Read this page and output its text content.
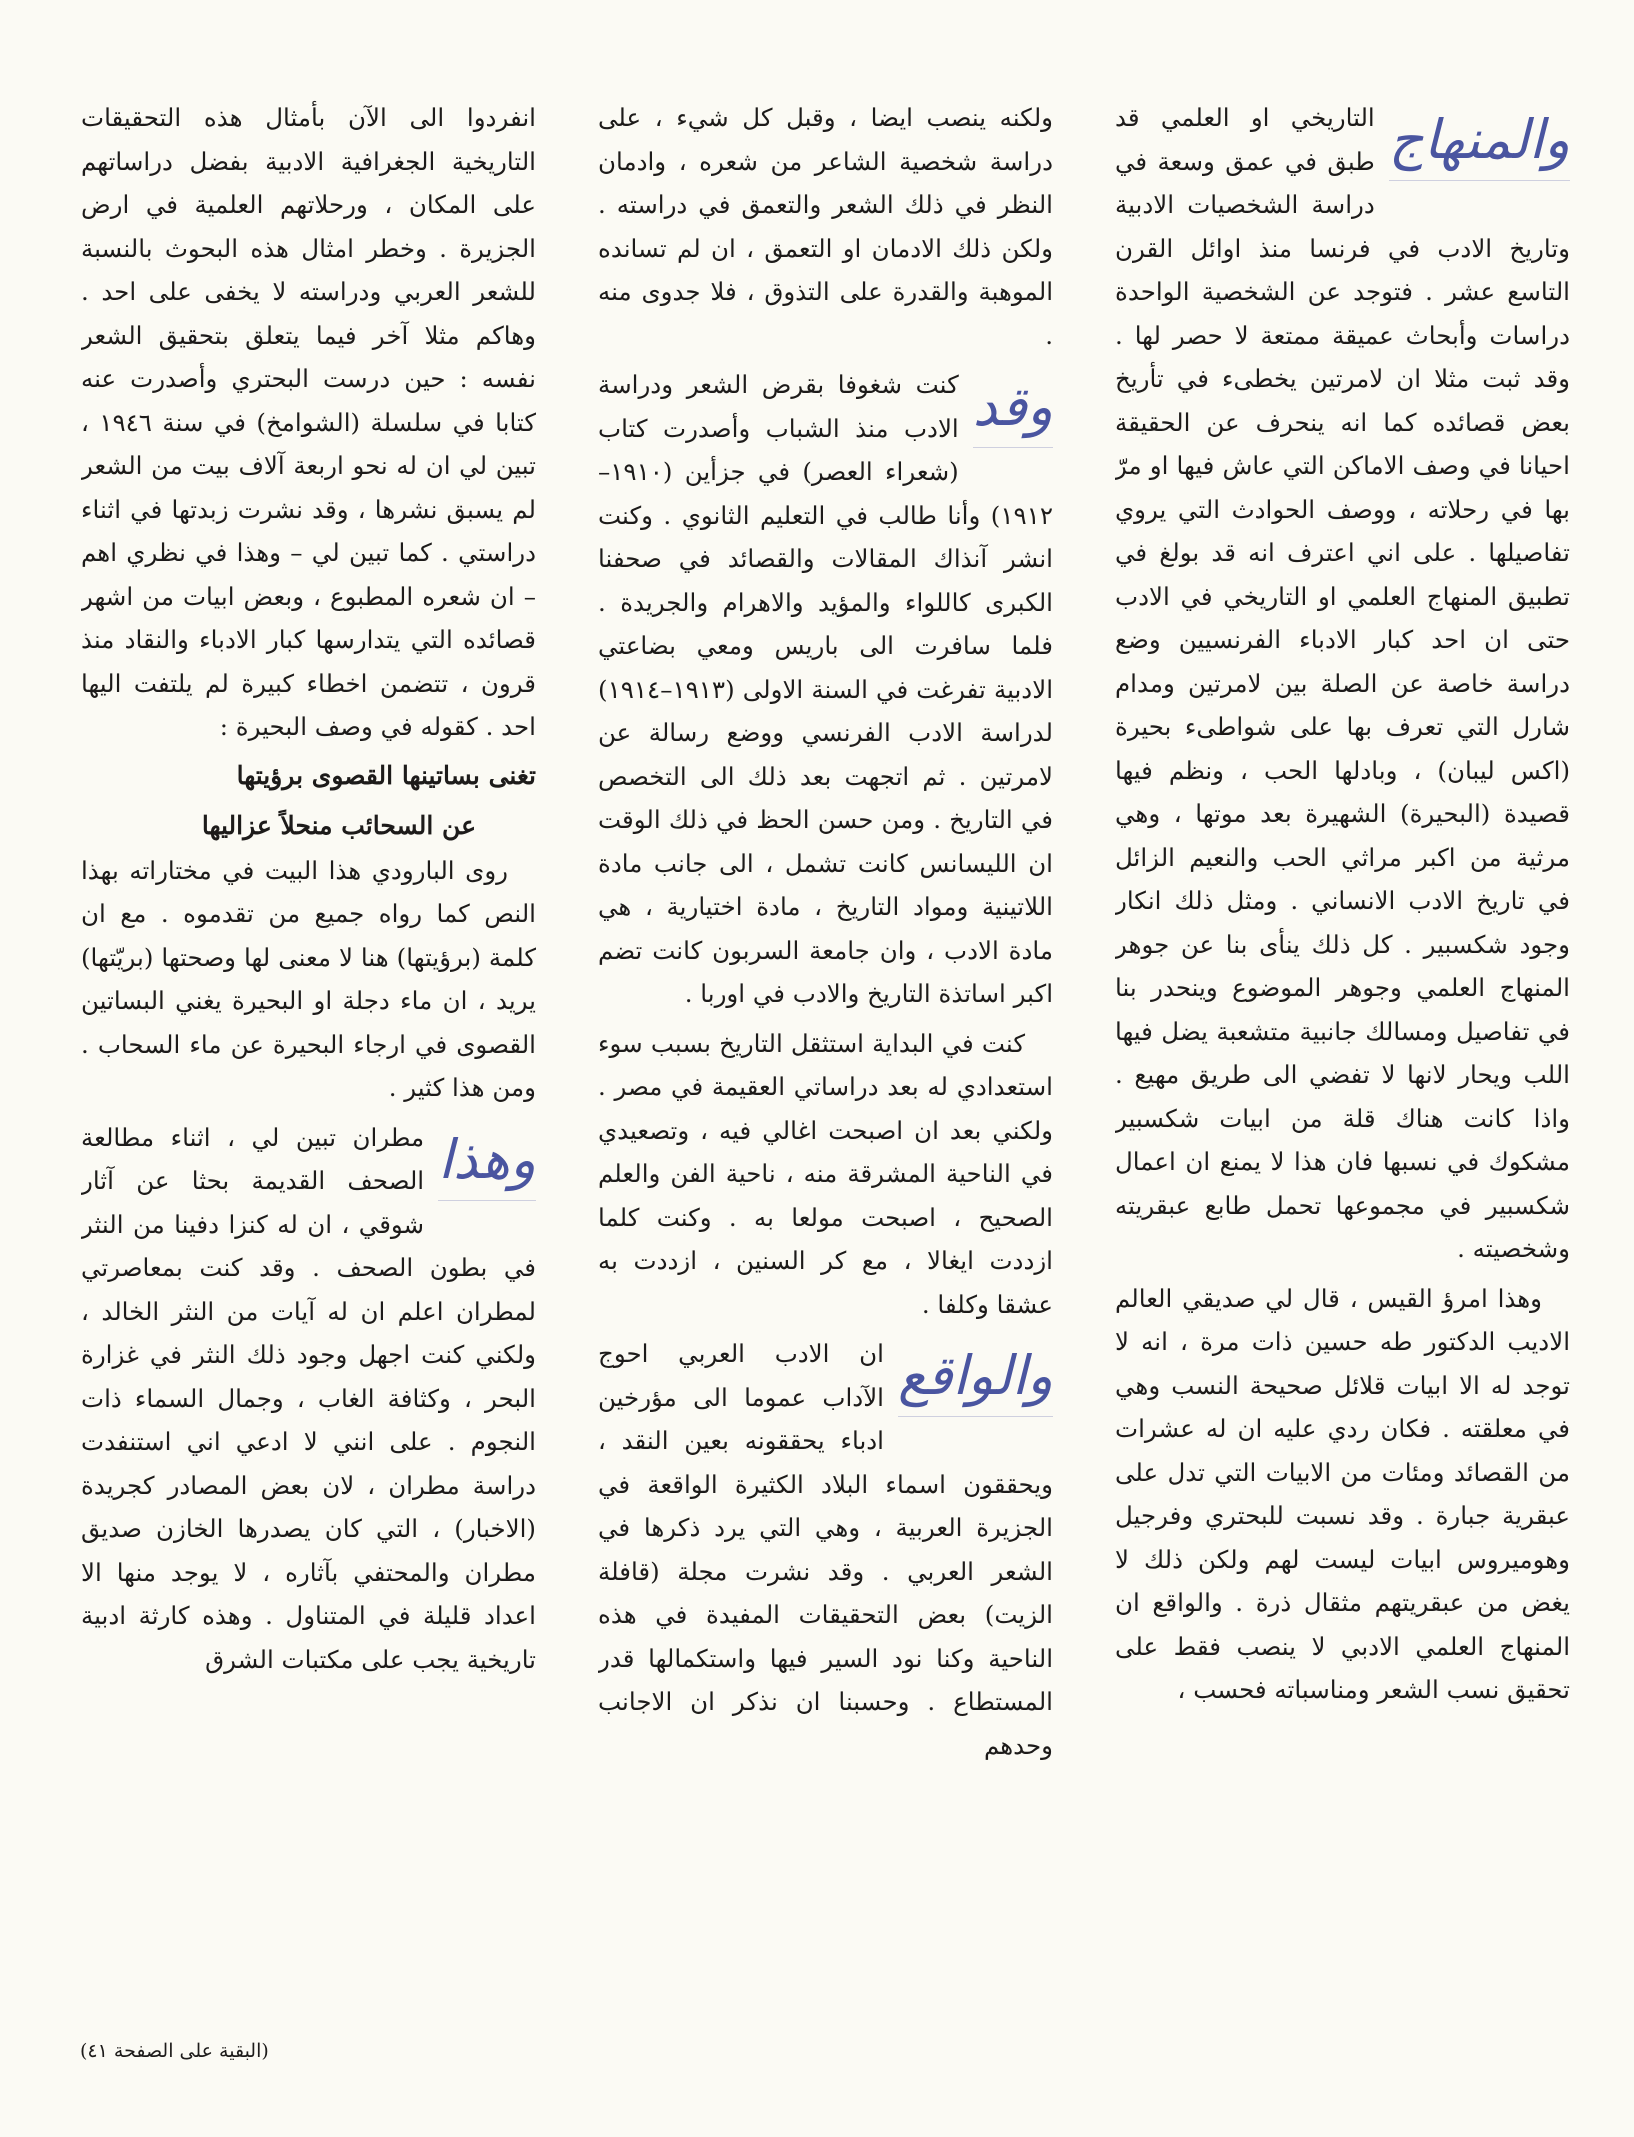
والمنهاج
التاريخي او العلمي قد طبق في عمق وسعة في دراسة الشخصيات الادبية وتاريخ الادب في فرنسا منذ اوائل القرن التاسع عشر . فتوجد عن الشخصية الواحدة دراسات وأبحاث عميقة ممتعة لا حصر لها . وقد ثبت مثلا ان لامرتين يخطىء في تأريخ بعض قصائده كما انه ينحرف عن الحقيقة احيانا في وصف الاماكن التي عاش فيها او مرّ بها في رحلاته ، ووصف الحوادث التي يروي تفاصيلها . على اني اعترف انه قد بولغ في تطبيق المنهاج العلمي او التاريخي في الادب حتى ان احد كبار الادباء الفرنسيين وضع دراسة خاصة عن الصلة بين لامرتين ومدام شارل التي تعرف بها على شواطىء بحيرة (اكس ليبان) ، وبادلها الحب ، ونظم فيها قصيدة (البحيرة) الشهيرة بعد موتها ، وهي مرثية من اكبر مراثي الحب والنعيم الزائل في تاريخ الادب الانساني . ومثل ذلك انكار وجود شكسبير . كل ذلك ينأى بنا عن جوهر المنهاج العلمي وجوهر الموضوع وينحدر بنا في تفاصيل ومسالك جانبية متشعبة يضل فيها اللب ويحار لانها لا تفضي الى طريق مهيع . واذا كانت هناك قلة من ابيات شكسبير مشكوك في نسبها فان هذا لا يمنع ان اعمال شكسبير في مجموعها تحمل طابع عبقريته وشخصيته .

وهذا امرؤ القيس ، قال لي صديقي العالم الاديب الدكتور طه حسين ذات مرة ، انه لا توجد له الا ابيات قلائل صحيحة النسب وهي في معلقته . فكان ردي عليه ان له عشرات من القصائد ومئات من الابيات التي تدل على عبقرية جبارة . وقد نسبت للبحتري وفرجيل وهوميروس ابيات ليست لهم ولكن ذلك لا يغض من عبقريتهم مثقال ذرة . والواقع ان المنهاج العلمي الادبي لا ينصب فقط على تحقيق نسب الشعر ومناسباته فحسب ،

ولكنه ينصب ايضا ، وقبل كل شيء ، على دراسة شخصية الشاعر من شعره ، وادمان النظر في ذلك الشعر والتعمق في دراسته . ولكن ذلك الادمان او التعمق ، ان لم تسانده الموهبة والقدرة على التذوق ، فلا جدوى منه .

وقد
كنت شغوفا بقرض الشعر ودراسة الادب منذ الشباب وأصدرت كتاب (شعراء العصر) في جزأين (١٩١٠–١٩١٢) وأنا طالب في التعليم الثانوي . وكنت انشر آنذاك المقالات والقصائد في صحفنا الكبرى كاللواء والمؤيد والاهرام والجريدة . فلما سافرت الى باريس ومعي بضاعتي الادبية تفرغت في السنة الاولى (١٩١٣–١٩١٤) لدراسة الادب الفرنسي ووضع رسالة عن لامرتين . ثم اتجهت بعد ذلك الى التخصص في التاريخ . ومن حسن الحظ في ذلك الوقت ان الليسانس كانت تشمل ، الى جانب مادة اللاتينية ومواد التاريخ ، مادة اختيارية ، هي مادة الادب ، وان جامعة السربون كانت تضم اكبر اساتذة التاريخ والادب في اوربا .

كنت في البداية استثقل التاريخ بسبب سوء استعدادي له بعد دراساتي العقيمة في مصر . ولكني بعد ان اصبحت اغالي فيه ، وتصعيدي في الناحية المشرقة منه ، ناحية الفن والعلم الصحيح ، اصبحت مولعا به . وكنت كلما ازددت ايغالا ، مع كر السنين ، ازددت به عشقا وكلفا .

والواقع
ان الادب العربي احوج الآداب عموما الى مؤرخين ادباء يحققونه بعين النقد ، ويحققون اسماء البلاد الكثيرة الواقعة في الجزيرة العربية ، وهي التي يرد ذكرها في الشعر العربي . وقد نشرت مجلة (قافلة الزيت) بعض التحقيقات المفيدة في هذه الناحية وكنا نود السير فيها واستكمالها قدر المستطاع . وحسبنا ان نذكر ان الاجانب وحدهم

انفردوا الى الآن بأمثال هذه التحقيقات التاريخية الجغرافية الادبية بفضل دراساتهم على المكان ، ورحلاتهم العلمية في ارض الجزيرة . وخطر امثال هذه البحوث بالنسبة للشعر العربي ودراسته لا يخفى على احد . وهاكم مثلا آخر فيما يتعلق بتحقيق الشعر نفسه : حين درست البحتري وأصدرت عنه كتابا في سلسلة (الشوامخ) في سنة ١٩٤٦ ، تبين لي ان له نحو اربعة آلاف بيت من الشعر لم يسبق نشرها ، وقد نشرت زبدتها في اثناء دراستي . كما تبين لي – وهذا في نظري اهم – ان شعره المطبوع ، وبعض ابيات من اشهر قصائده التي يتدارسها كبار الادباء والنقاد منذ قرون ، تتضمن اخطاء كبيرة لم يلتفت اليها احد . كقوله في وصف البحيرة :

تغنى بساتينها القصوى برؤيتها

عن السحائب منحلاً عزاليها

روى البارودي هذا البيت في مختاراته بهذا النص كما رواه جميع من تقدموه . مع ان كلمة (برؤيتها) هنا لا معنى لها وصحتها (بريّتها) يريد ، ان ماء دجلة او البحيرة يغني البساتين القصوى في ارجاء البحيرة عن ماء السحاب . ومن هذا كثير .

وهذا
مطران تبين لي ، اثناء مطالعة الصحف القديمة بحثا عن آثار شوقي ، ان له كنزا دفينا من النثر في بطون الصحف . وقد كنت بمعاصرتي لمطران اعلم ان له آيات من النثر الخالد ، ولكني كنت اجهل وجود ذلك النثر في غزارة البحر ، وكثافة الغاب ، وجمال السماء ذات النجوم . على انني لا ادعي اني استنفدت دراسة مطران ، لان بعض المصادر كجريدة (الاخبار) ، التي كان يصدرها الخازن صديق مطران والمحتفي بآثاره ، لا يوجد منها الا اعداد قليلة في المتناول . وهذه كارثة ادبية تاريخية يجب على مكتبات الشرق

(البقية على الصفحة ٤١)
